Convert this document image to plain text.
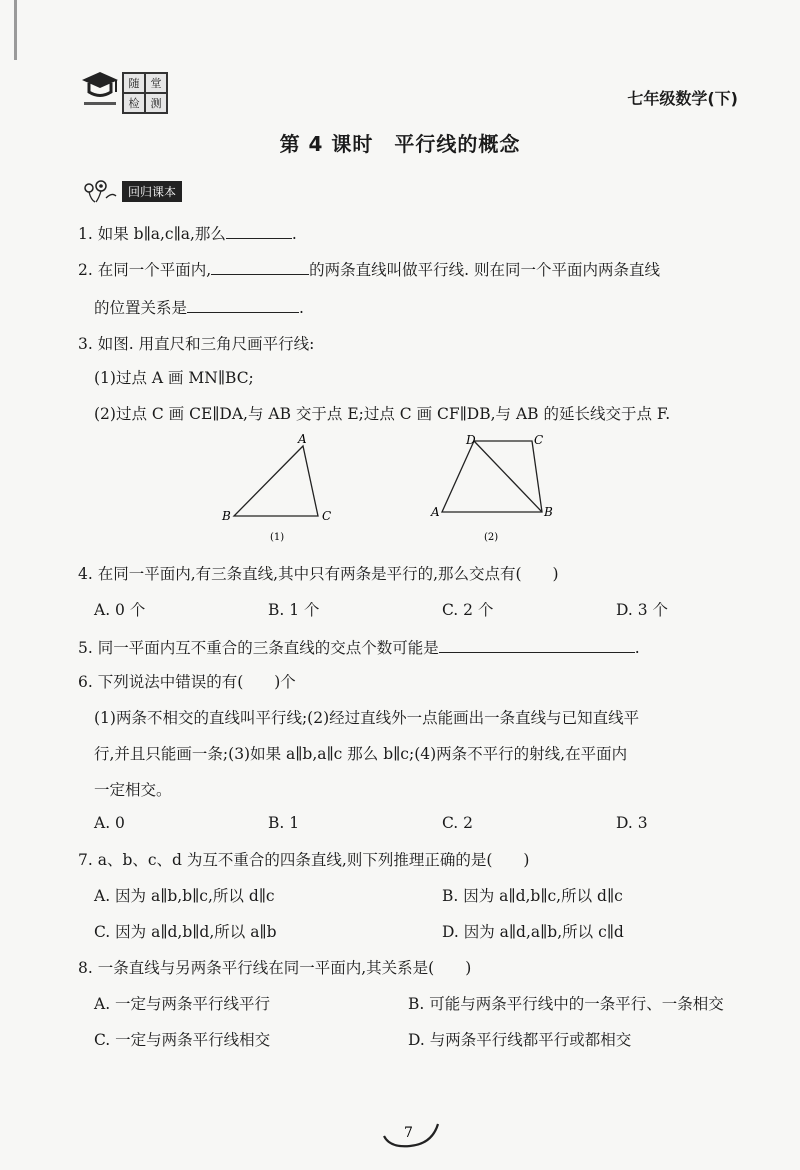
随	堂
检	测	七年级数学(下)
第 4 课时　平行线的概念
回归课本
1. 如果 b∥a,c∥a,那么	.
2. 在同一个平面内,	的两条直线叫做平行线. 则在同一个平面内两条直线
的位置关系是	.
3. 如图. 用直尺和三角尺画平行线:
(1)过点 A 画 MN∥BC;
(2)过点 C 画 CE∥DA,与 AB 交于点 E;过点 C 画 CF∥DB,与 AB 的延长线交于点 F.
A
B	C
(1)
D	C
A	B
(2)
4. 在同一平面内,有三条直线,其中只有两条是平行的,那么交点有(　　)
A. 0 个	B. 1 个	C. 2 个	D. 3 个
5. 同一平面内互不重合的三条直线的交点个数可能是	.
6. 下列说法中错误的有(　　)个
(1)两条不相交的直线叫平行线;(2)经过直线外一点能画出一条直线与已知直线平
行,并且只能画一条;(3)如果 a∥b,a∥c 那么 b∥c;(4)两条不平行的射线,在平面内
一定相交。
A. 0	B. 1	C. 2	D. 3
7. a、b、c、d 为互不重合的四条直线,则下列推理正确的是(　　)
A. 因为 a∥b,b∥c,所以 d∥c	B. 因为 a∥d,b∥c,所以 d∥c
C. 因为 a∥d,b∥d,所以 a∥b	D. 因为 a∥d,a∥b,所以 c∥d
8. 一条直线与另两条平行线在同一平面内,其关系是(　　)
A. 一定与两条平行线平行	B. 可能与两条平行线中的一条平行、一条相交
C. 一定与两条平行线相交	D. 与两条平行线都平行或都相交
7
